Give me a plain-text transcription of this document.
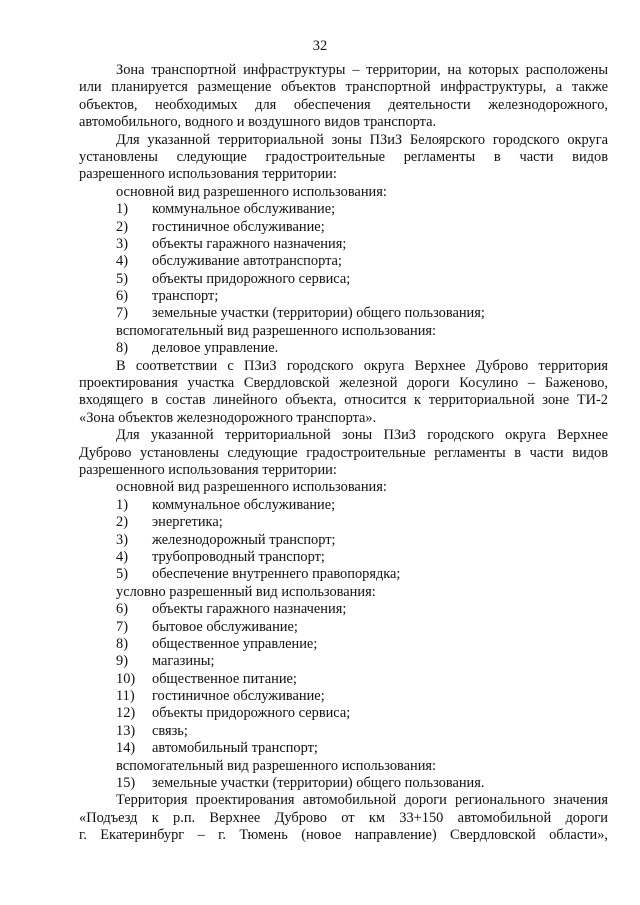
32
Зона транспортной инфраструктуры – территории, на которых расположены
или планируется размещение объектов транспортной инфраструктуры, а также
объектов, необходимых для обеспечения деятельности железнодорожного,
автомобильного, водного и воздушного видов транспорта.
Для указанной территориальной зоны ПЗиЗ Белоярского городского округа
установлены следующие градостроительные регламенты в части видов
разрешенного использования территории:
основной вид разрешенного использования:
1) коммунальное обслуживание;
2) гостиничное обслуживание;
3) объекты гаражного назначения;
4) обслуживание автотранспорта;
5) объекты придорожного сервиса;
6) транспорт;
7) земельные участки (территории) общего пользования;
вспомогательный вид разрешенного использования:
8) деловое управление.
В соответствии с ПЗиЗ городского округа Верхнее Дуброво территория
проектирования участка Свердловской железной дороги Косулино – Баженово,
входящего в состав линейного объекта, относится к территориальной зоне ТИ-2
«Зона объектов железнодорожного транспорта».
Для указанной территориальной зоны ПЗиЗ городского округа Верхнее
Дуброво установлены следующие градостроительные регламенты в части видов
разрешенного использования территории:
основной вид разрешенного использования:
1) коммунальное обслуживание;
2) энергетика;
3) железнодорожный транспорт;
4) трубопроводный транспорт;
5) обеспечение внутреннего правопорядка;
условно разрешенный вид использования:
6) объекты гаражного назначения;
7) бытовое обслуживание;
8) общественное управление;
9) магазины;
10) общественное питание;
11) гостиничное обслуживание;
12) объекты придорожного сервиса;
13) связь;
14) автомобильный транспорт;
вспомогательный вид разрешенного использования:
15) земельные участки (территории) общего пользования.
Территория проектирования автомобильной дороги регионального значения
«Подъезд к р.п. Верхнее Дуброво от км 33+150 автомобильной дороги
г. Екатеринбург – г. Тюмень (новое направление) Свердловской области»,
